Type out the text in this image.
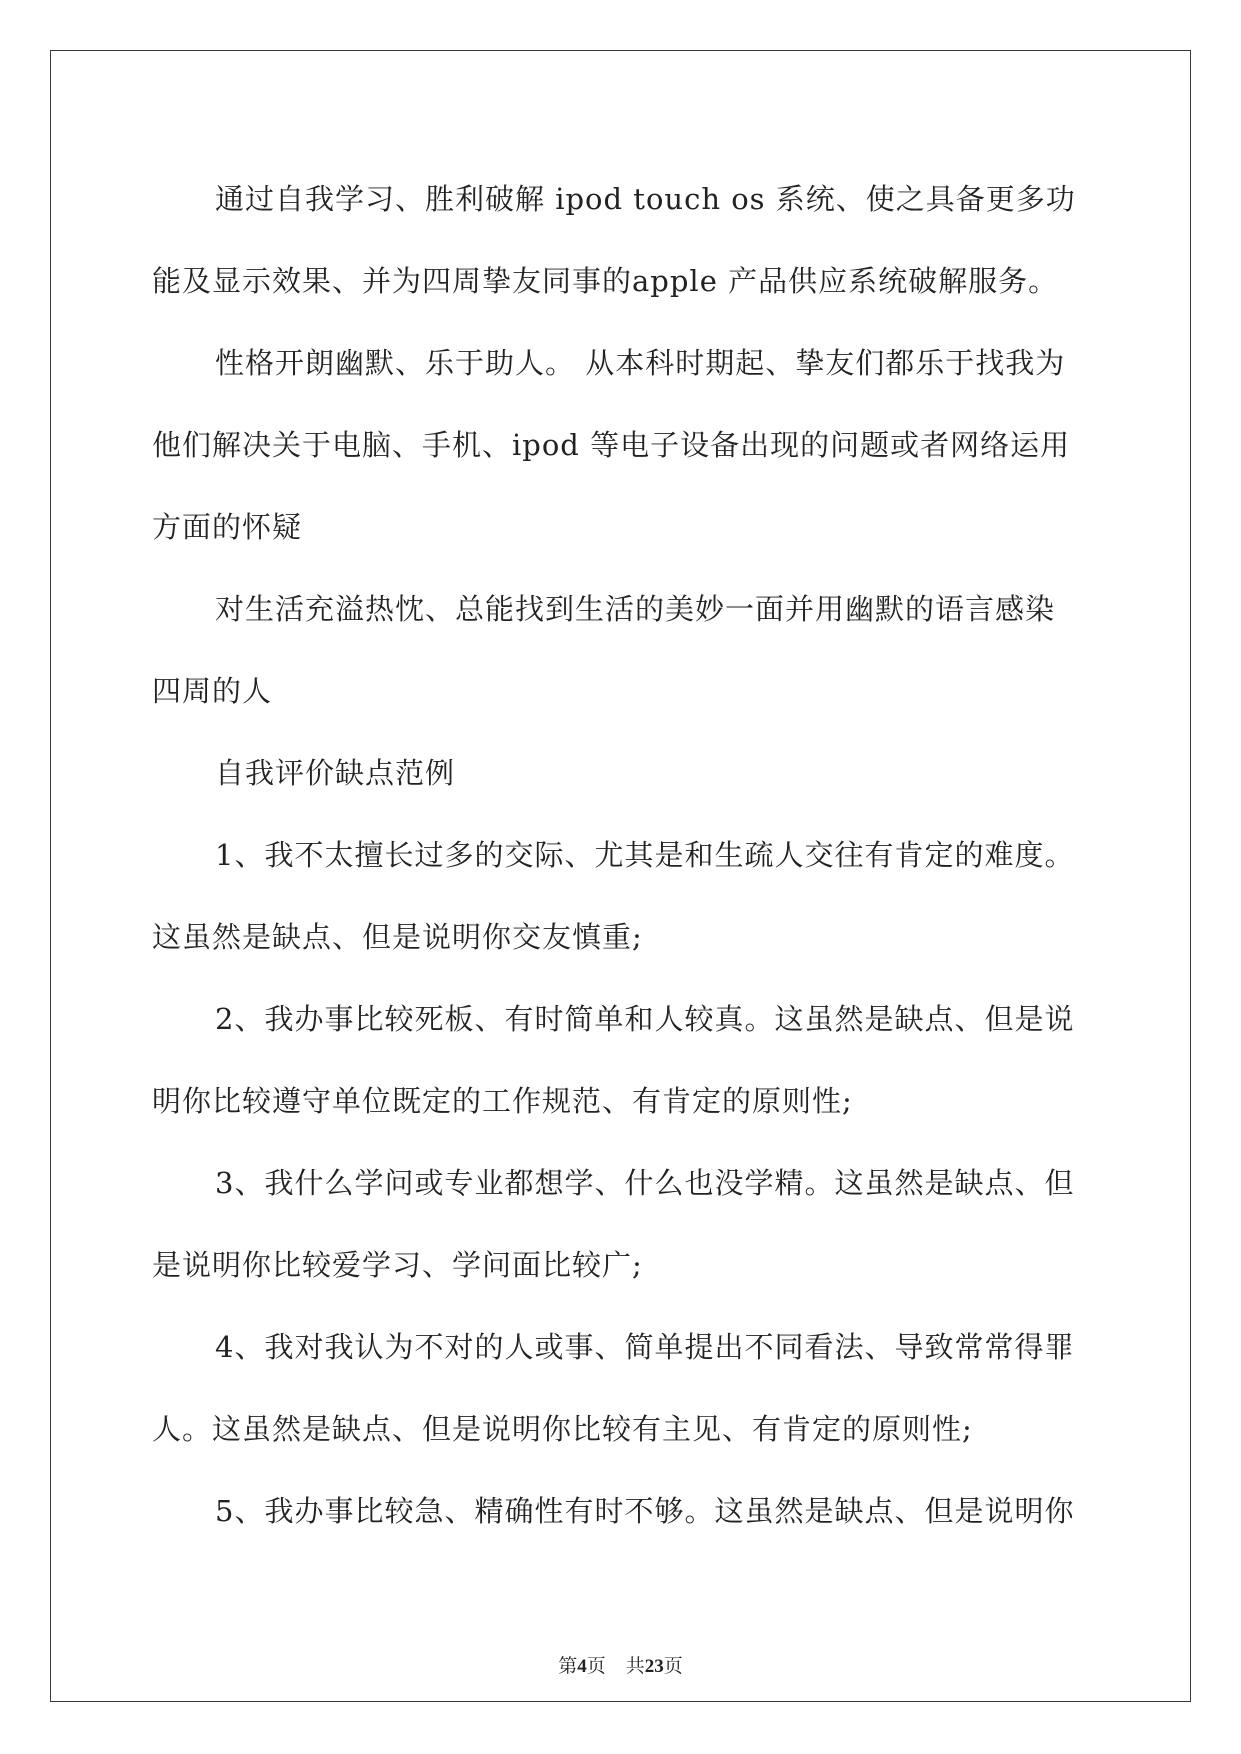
通过自我学习、胜利破解 ipod touch os 系统、使之具备更多功
能及显示效果、并为四周挚友同事的apple 产品供应系统破解服务。
性格开朗幽默、乐于助人。 从本科时期起、挚友们都乐于找我为
他们解决关于电脑、手机、ipod 等电子设备出现的问题或者网络运用
方面的怀疑
对生活充溢热忱、总能找到生活的美妙一面并用幽默的语言感染
四周的人
自我评价缺点范例
1、我不太擅长过多的交际、尤其是和生疏人交往有肯定的难度。
这虽然是缺点、但是说明你交友慎重;
2、我办事比较死板、有时简单和人较真。这虽然是缺点、但是说
明你比较遵守单位既定的工作规范、有肯定的原则性;
3、我什么学问或专业都想学、什么也没学精。这虽然是缺点、但
是说明你比较爱学习、学问面比较广;
4、我对我认为不对的人或事、简单提出不同看法、导致常常得罪
人。这虽然是缺点、但是说明你比较有主见、有肯定的原则性;
5、我办事比较急、精确性有时不够。这虽然是缺点、但是说明你
第4页 共23页
